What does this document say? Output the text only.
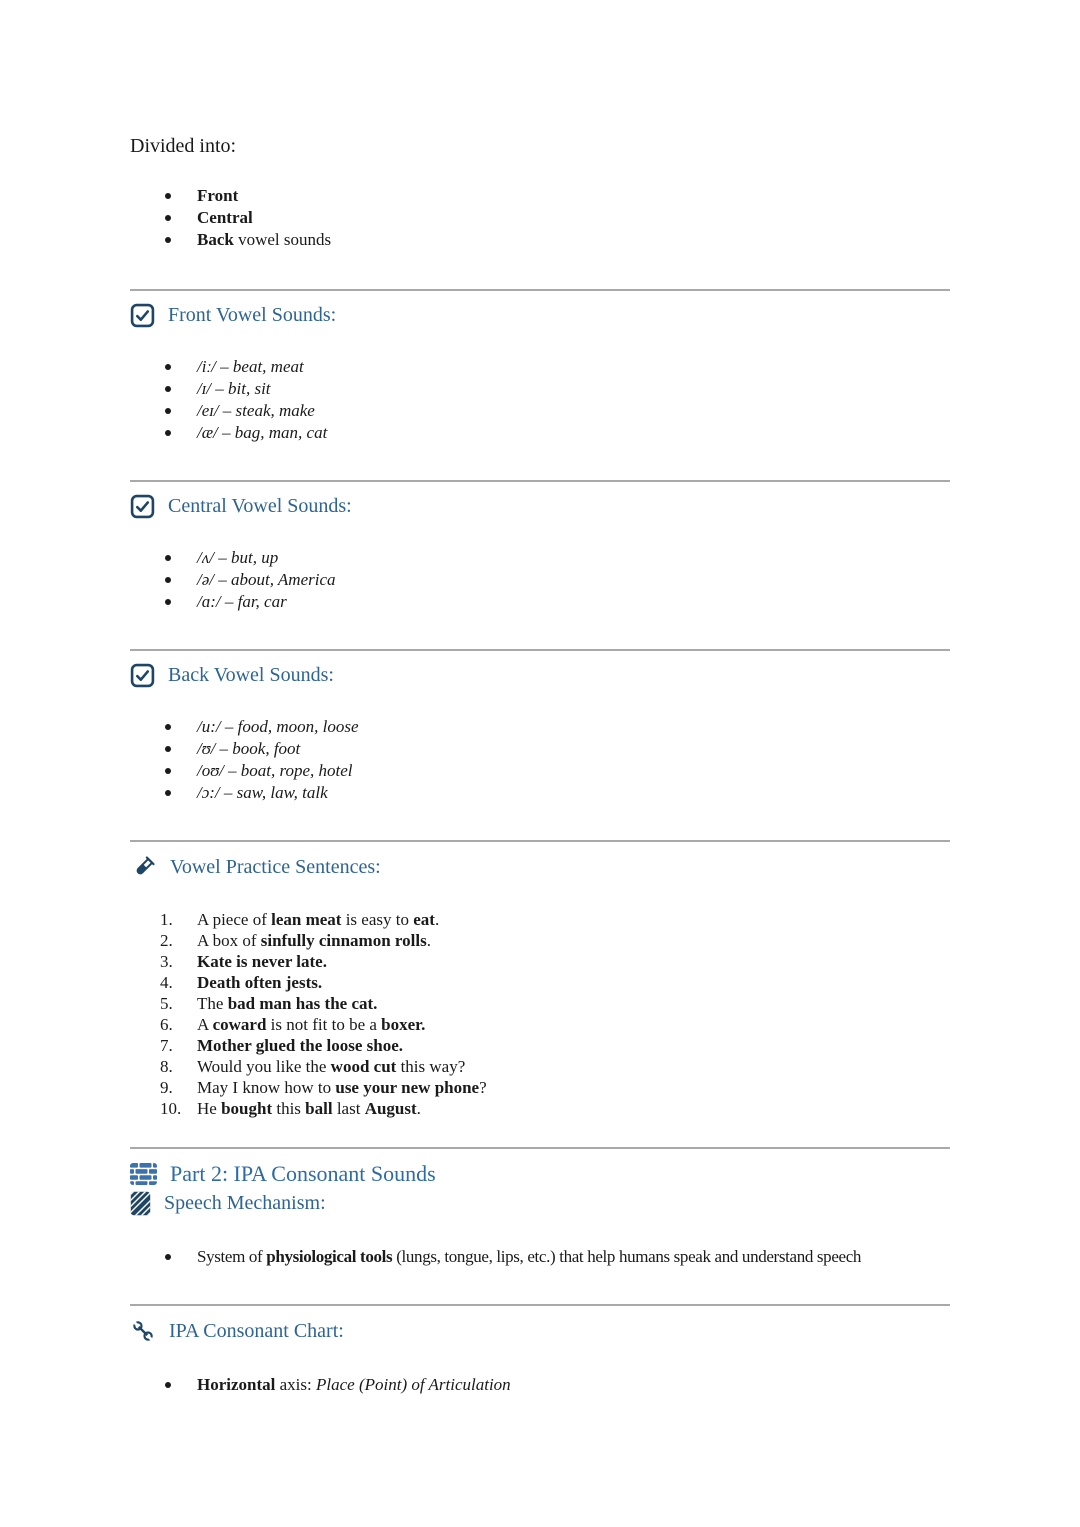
Divided into:
Front
Central
Back vowel sounds
Front Vowel Sounds:
/iː/ – beat, meat
/ɪ/ – bit, sit
/eɪ/ – steak, make
/æ/ – bag, man, cat
Central Vowel Sounds:
/ʌ/ – but, up
/ə/ – about, America
/ɑ:/ – far, car
Back Vowel Sounds:
/u:/ – food, moon, loose
/ʊ/ – book, foot
/oʊ/ – boat, rope, hotel
/ɔ:/ – saw, law, talk
Vowel Practice Sentences:
A piece of lean meat is easy to eat.
A box of sinfully cinnamon rolls.
Kate is never late.
Death often jests.
The bad man has the cat.
A coward is not fit to be a boxer.
Mother glued the loose shoe.
Would you like the wood cut this way?
May I know how to use your new phone?
He bought this ball last August.
Part 2: IPA Consonant Sounds
Speech Mechanism:
System of physiological tools (lungs, tongue, lips, etc.) that help humans speak and understand speech
IPA Consonant Chart:
Horizontal axis: Place (Point) of Articulation
